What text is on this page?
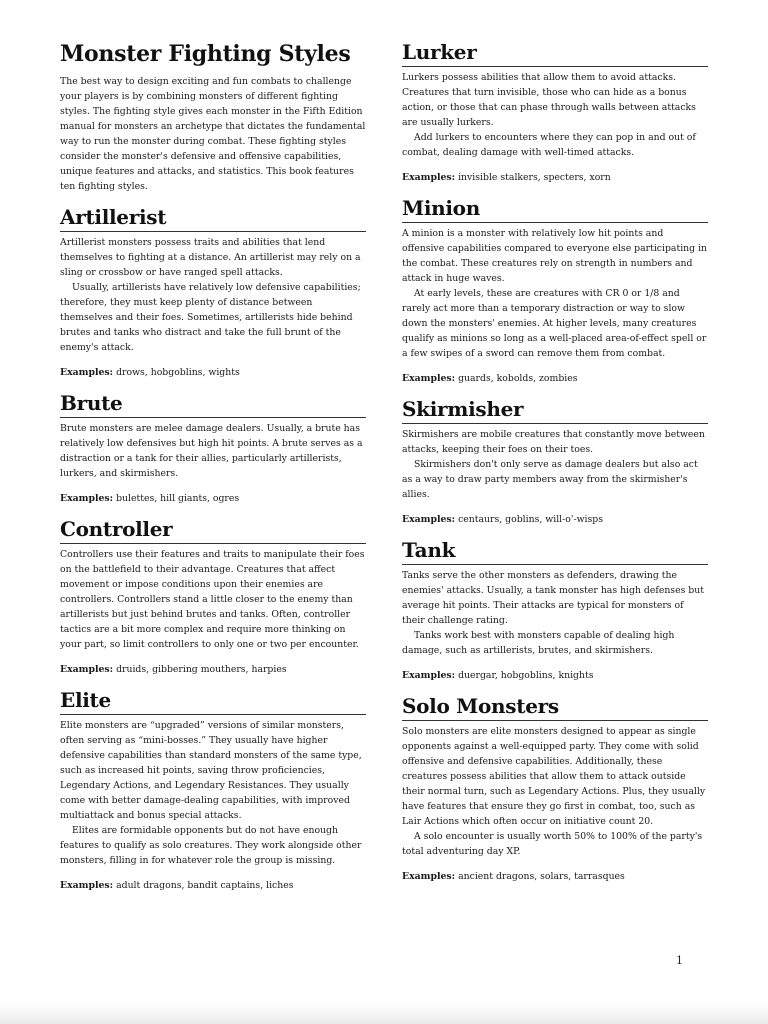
Monster Fighting Styles

The best way to design exciting and fun combats to challenge your players is by combining monsters of different fighting styles. The fighting style gives each monster in the Fifth Edition manual for monsters an archetype that dictates the fundamental way to run the monster during combat. These fighting styles consider the monster's defensive and offensive capabilities, unique features and attacks, and statistics. This book features ten fighting styles.

Artillerist

Artillerist monsters possess traits and abilities that lend themselves to fighting at a distance. An artillerist may rely on a sling or crossbow or have ranged spell attacks.

Usually, artillerists have relatively low defensive capabilities; therefore, they must keep plenty of distance between themselves and their foes. Sometimes, artillerists hide behind brutes and tanks who distract and take the full brunt of the enemy's attack.

Examples: drows, hobgoblins, wights

Brute

Brute monsters are melee damage dealers. Usually, a brute has relatively low defensives but high hit points. A brute serves as a distraction or a tank for their allies, particularly artillerists, lurkers, and skirmishers.

Examples: bulettes, hill giants, ogres

Controller

Controllers use their features and traits to manipulate their foes on the battlefield to their advantage. Creatures that affect movement or impose conditions upon their enemies are controllers. Controllers stand a little closer to the enemy than artillerists but just behind brutes and tanks. Often, controller tactics are a bit more complex and require more thinking on your part, so limit controllers to only one or two per encounter.

Examples: druids, gibbering mouthers, harpies

Elite

Elite monsters are “upgraded” versions of similar monsters, often serving as “mini-bosses.” They usually have higher defensive capabilities than standard monsters of the same type, such as increased hit points, saving throw proficiencies, Legendary Actions, and Legendary Resistances. They usually come with better damage-dealing capabilities, with improved multiattack and bonus special attacks.

Elites are formidable opponents but do not have enough features to qualify as solo creatures. They work alongside other monsters, filling in for whatever role the group is missing.

Examples: adult dragons, bandit captains, liches

Lurker

Lurkers possess abilities that allow them to avoid attacks. Creatures that turn invisible, those who can hide as a bonus action, or those that can phase through walls between attacks are usually lurkers.

Add lurkers to encounters where they can pop in and out of combat, dealing damage with well-timed attacks.

Examples: invisible stalkers, specters, xorn

Minion

A minion is a monster with relatively low hit points and offensive capabilities compared to everyone else participating in the combat. These creatures rely on strength in numbers and attack in huge waves.

At early levels, these are creatures with CR 0 or 1/8 and rarely act more than a temporary distraction or way to slow down the monsters' enemies. At higher levels, many creatures qualify as minions so long as a well-placed area-of-effect spell or a few swipes of a sword can remove them from combat.

Examples: guards, kobolds, zombies

Skirmisher

Skirmishers are mobile creatures that constantly move between attacks, keeping their foes on their toes.

Skirmishers don't only serve as damage dealers but also act as a way to draw party members away from the skirmisher's allies.

Examples: centaurs, goblins, will-o'-wisps

Tank

Tanks serve the other monsters as defenders, drawing the enemies' attacks. Usually, a tank monster has high defenses but average hit points. Their attacks are typical for monsters of their challenge rating.

Tanks work best with monsters capable of dealing high damage, such as artillerists, brutes, and skirmishers.

Examples: duergar, hobgoblins, knights

Solo Monsters

Solo monsters are elite monsters designed to appear as single opponents against a well-equipped party. They come with solid offensive and defensive capabilities. Additionally, these creatures possess abilities that allow them to attack outside their normal turn, such as Legendary Actions. Plus, they usually have features that ensure they go first in combat, too, such as Lair Actions which often occur on initiative count 20.

A solo encounter is usually worth 50% to 100% of the party's total adventuring day XP.

Examples: ancient dragons, solars, tarrasques

1
